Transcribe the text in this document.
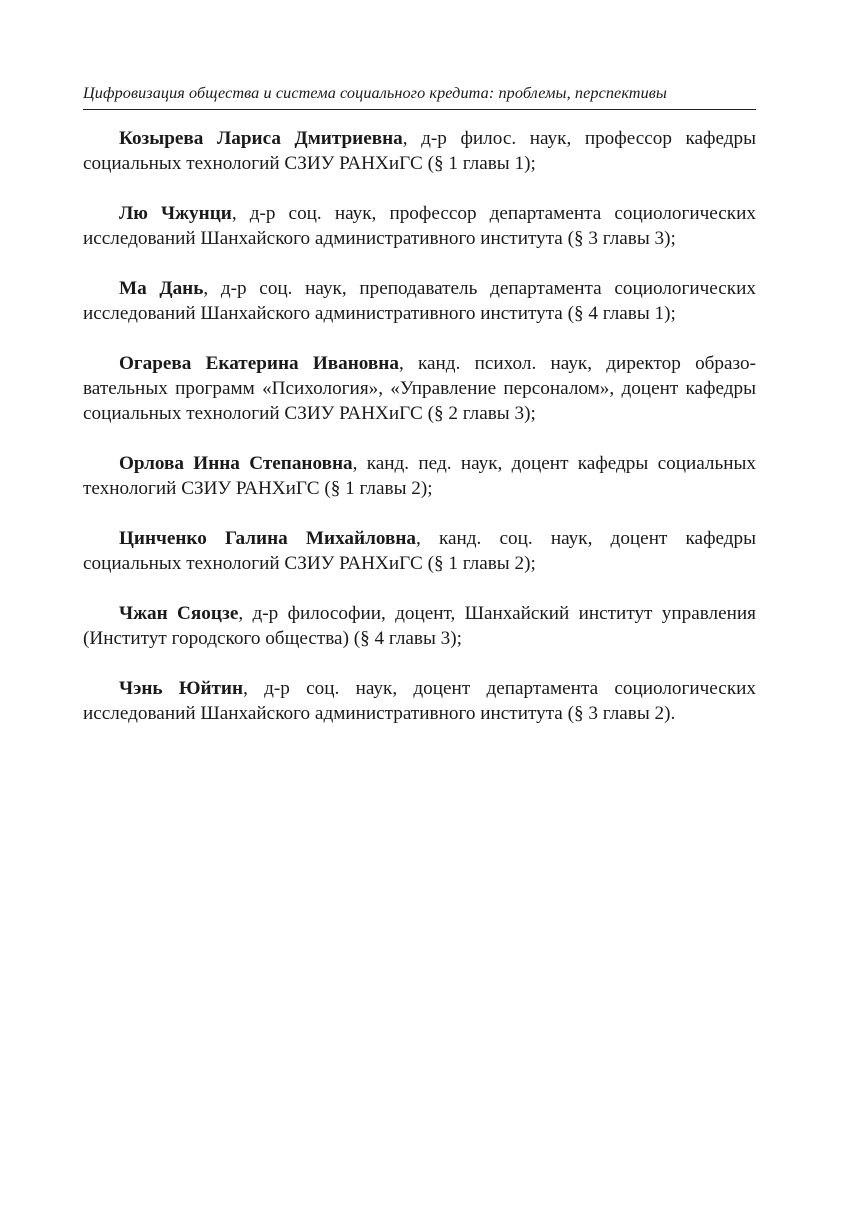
Цифровизация общества и система социального кредита: проблемы, перспективы

Козырева Лариса Дмитриевна, д-р филос. наук, профессор кафедры социальных технологий СЗИУ РАНХиГС (§ 1 главы 1);

Лю Чжунци, д-р соц. наук, профессор департамента социологических исследований Шанхайского административного института (§ 3 главы 3);

Ма Дань, д-р соц. наук, преподаватель департамента социологических исследований Шанхайского административного института (§ 4 главы 1);

Огарева Екатерина Ивановна, канд. психол. наук, директор образовательных программ «Психология», «Управление персоналом», доцент кафедры социальных технологий СЗИУ РАНХиГС (§ 2 главы 3);

Орлова Инна Степановна, канд. пед. наук, доцент кафедры социальных технологий СЗИУ РАНХиГС (§ 1 главы 2);

Цинченко Галина Михайловна, канд. соц. наук, доцент кафедры социальных технологий СЗИУ РАНХиГС (§ 1 главы 2);

Чжан Сяоцзе, д-р философии, доцент, Шанхайский институт управления (Институт городского общества) (§ 4 главы 3);

Чэнь Юйтин, д-р соц. наук, доцент департамента социологических исследований Шанхайского административного института (§ 3 главы 2).
